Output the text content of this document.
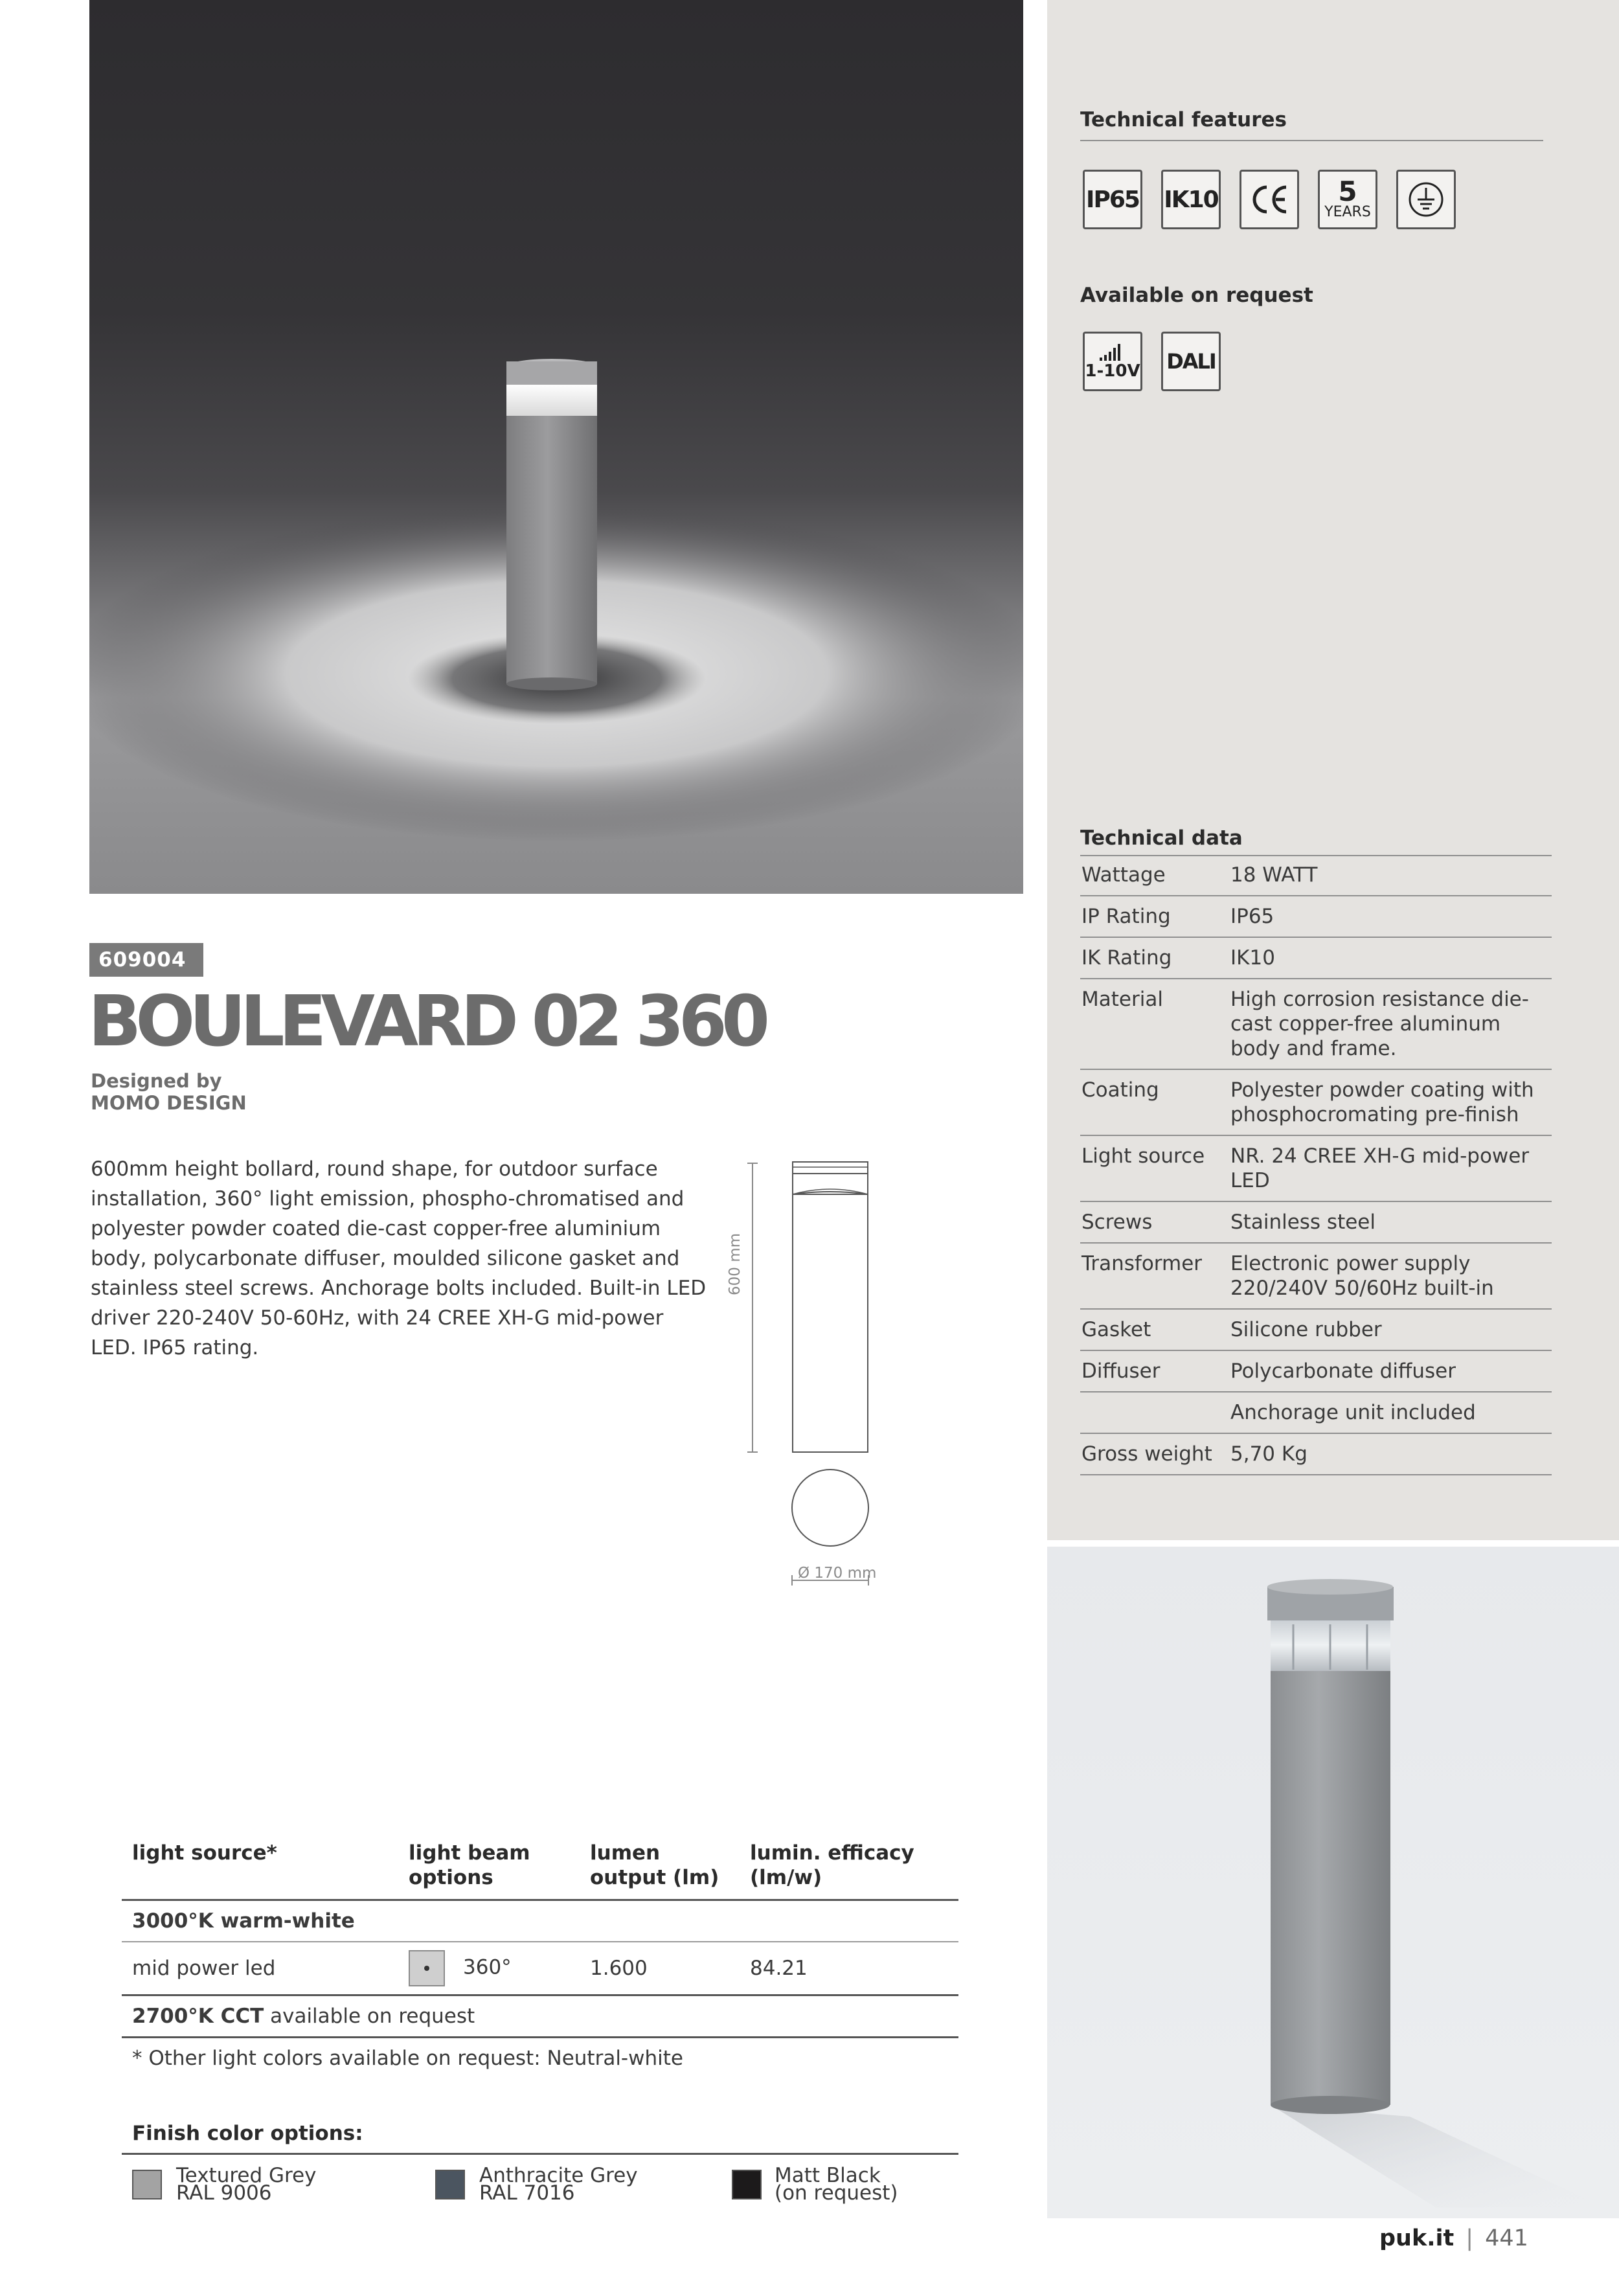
Technical features
IP65 IK10	5
YEARS
Available on request
1-10V DALI
Technical data
Wattage	18 WATT
IP Rating	IP65
IK Rating	IK10
Material	High corrosion resistance die-cast copper-free aluminum body and frame.
Coating	Polyester powder coating with phosphocromating pre-finish
Light source	NR. 24 CREE XH-G mid-power LED
Screws	Stainless steel
Transformer	Electronic power supply 220/240V 50/60Hz built-in
Gasket	Silicone rubber
Diffuser	Polycarbonate diffuser
	Anchorage unit included
Gross weight	5,70 Kg
609004
BOULEVARD 02 360
Designed by
MOMO DESIGN
600mm height bollard, round shape, for outdoor surface installation, 360° light emission, phospho-chromatised and polyester powder coated die-cast copper-free aluminium body, polycarbonate diffuser, moulded silicone gasket and stainless steel screws. Anchorage bolts included. Built-in LED driver 220-240V 50-60Hz, with 24 CREE XH-G mid-power LED. IP65 rating.
600 mm
Ø 170 mm
light source*	light beam options	lumen output (lm)	lumin. efficacy (lm/w)
3000°K warm-white			
mid power led	360°	1.600	84.21
2700°K CCT available on request			
* Other light colors available on request: Neutral-white			
Finish color options:
Textured Grey
RAL 9006
Anthracite Grey
RAL 7016
Matt Black
(on request)
puk.it | 441
